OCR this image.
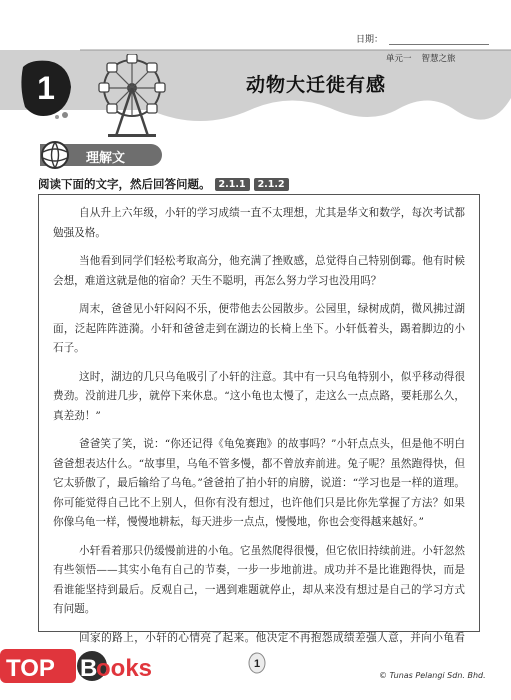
日期：
1
单元一 智慧之旅
动物大迁徙有感
理解文
阅读下面的文字，然后回答问题。 2.1.1	2.1.2

自从升上六年级，小轩的学习成绩一直不太理想，尤其是华文和数学，每次考试都勉强及格。

当他看到同学们轻松考取高分，他充满了挫败感，总觉得自己特别倒霉。他有时候会想，难道这就是他的宿命？天生不聪明，再怎么努力学习也没用吗？

周末，爸爸见小轩闷闷不乐，便带他去公园散步。公园里，绿树成荫，微风拂过湖面，泛起阵阵涟漪。小轩和爸爸走到在湖边的长椅上坐下。小轩低着头，踢着脚边的小石子。

这时，湖边的几只乌龟吸引了小轩的注意。其中有一只乌龟特别小，似乎移动得很费劲。没前进几步，就停下来休息。“这小龟也太慢了，走这么一点点路，要耗那么久，真差劲！”

爸爸笑了笑，说：“你还记得《龟兔赛跑》的故事吗？”小轩点点头，但是他不明白爸爸想表达什么。“故事里，乌龟不管多慢，都不曾放弃前进。兔子呢？虽然跑得快，但它太骄傲了，最后输给了乌龟。”爸爸拍了拍小轩的肩膀，说道：“学习也是一样的道理。你可能觉得自己比不上别人，但你有没有想过，也许他们只是比你先掌握了方法？如果你像乌龟一样，慢慢地耕耘，每天进步一点点，慢慢地，你也会变得越来越好。”

小轩看着那只仍缓慢前进的小龟。它虽然爬得很慢，但它依旧持续前进。小轩忽然有些领悟——其实小龟有自己的节奏，一步一步地前进。成功并不是比谁跑得快，而是看谁能坚持到最后。反观自己，一遇到难题就停止，却从来没有想过是自己的学习方式有问题。

回家的路上，小轩的心情亮了起来。他决定不再抱怨成绩差强人意，并向小龟看

TOP B
ooks	1
© Tunas Pelangi Sdn. Bhd.
